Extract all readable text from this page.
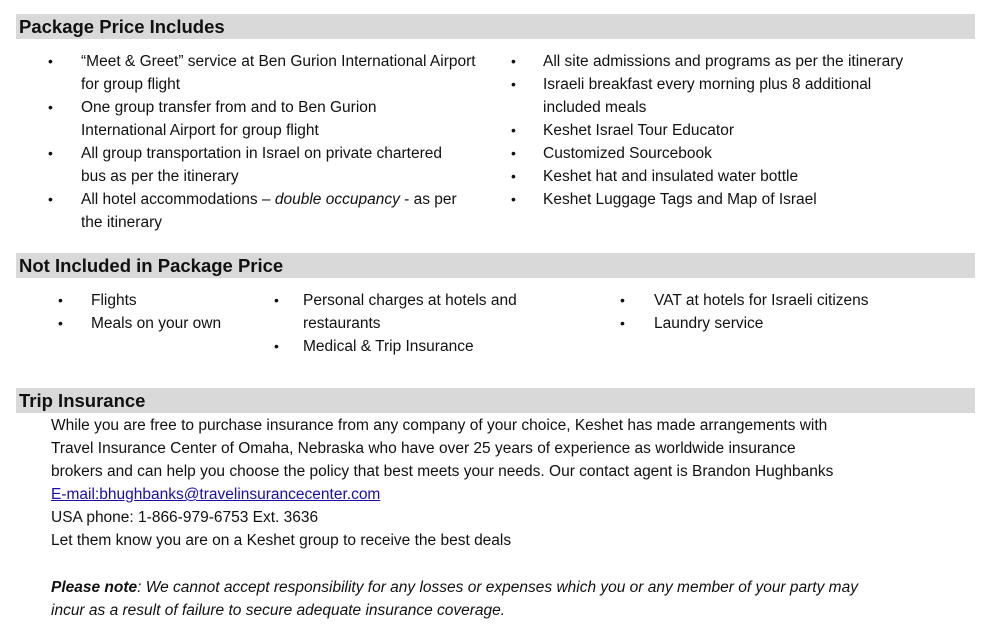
Package Price Includes
• “Meet & Greet” service at Ben Gurion International Airport for group flight
• One group transfer from and to Ben Gurion International Airport for group flight
• All group transportation in Israel on private chartered bus as per the itinerary
• All hotel accommodations – double occupancy - as per the itinerary
• All site admissions and programs as per the itinerary
• Israeli breakfast every morning plus 8 additional included meals
• Keshet Israel Tour Educator
• Customized Sourcebook
• Keshet hat and insulated water bottle
• Keshet Luggage Tags and Map of Israel
Not Included in Package Price
• Flights
• Meals on your own
• Personal charges at hotels and restaurants
• Medical & Trip Insurance
• VAT at hotels for Israeli citizens
• Laundry service
Trip Insurance
While you are free to purchase insurance from any company of your choice, Keshet has made arrangements with
Travel Insurance Center of Omaha, Nebraska who have over 25 years of experience as worldwide insurance
brokers and can help you choose the policy that best meets your needs. Our contact agent is Brandon Hughbanks
E-mail:bhughbanks@travelinsurancecenter.com
USA phone: 1-866-979-6753 Ext. 3636
Let them know you are on a Keshet group to receive the best deals
Please note: We cannot accept responsibility for any losses or expenses which you or any member of your party may
incur as a result of failure to secure adequate insurance coverage.
